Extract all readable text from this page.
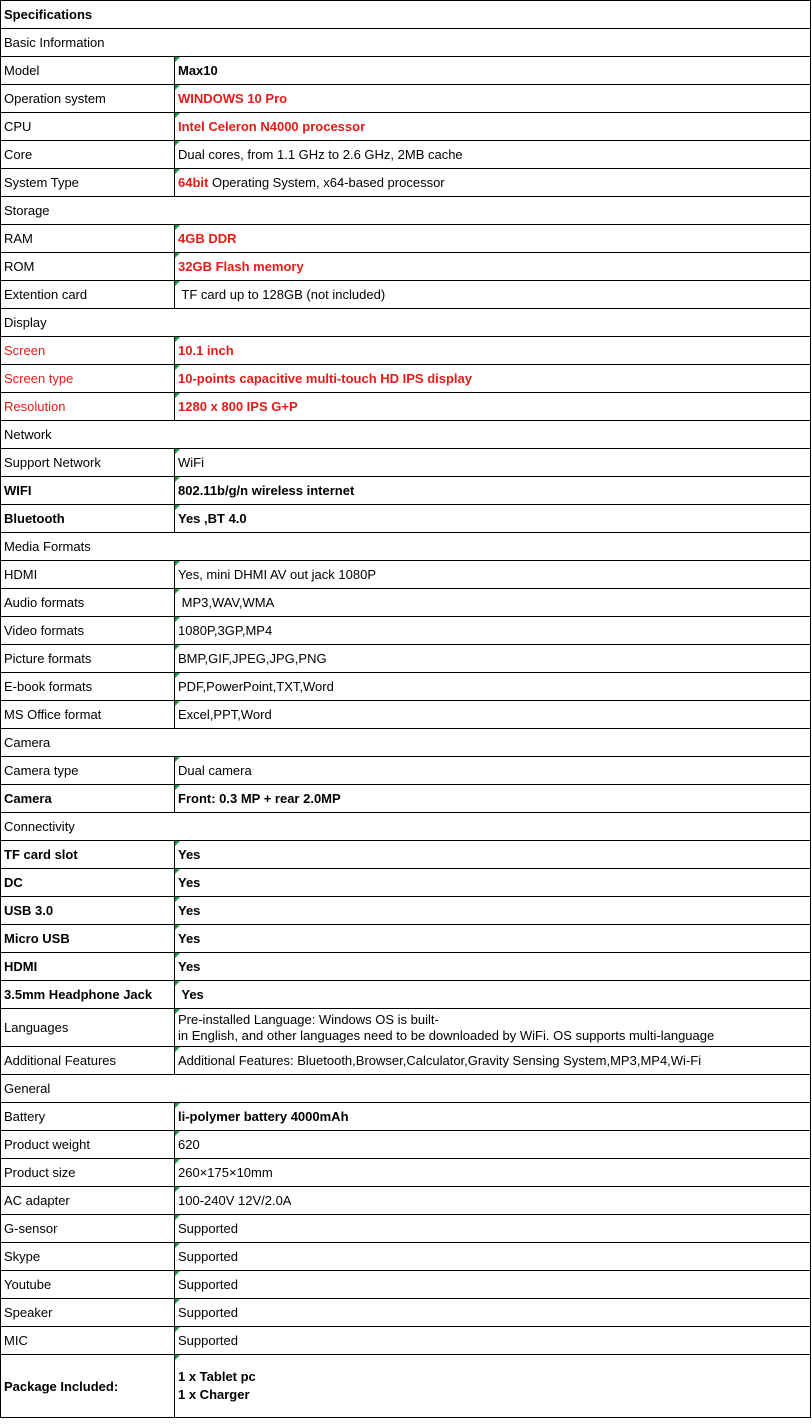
Specifications	
Basic Information	
Model	Max10
Operation system	WINDOWS 10 Pro
CPU	Intel Celeron N4000 processor
Core	Dual cores, from 1.1 GHz to 2.6 GHz, 2MB cache
System Type	64bit Operating System, x64-based processor
Storage	
RAM	4GB DDR
ROM	32GB Flash memory
Extention card	TF card up to 128GB (not included)
Display	
Screen	10.1 inch
Screen type	10-points capacitive multi-touch HD IPS display
Resolution	1280 x 800 IPS G+P
Network	
Support Network	WiFi
WIFI	802.11b/g/n wireless internet
Bluetooth	Yes ,BT 4.0
Media Formats	
HDMI	Yes, mini DHMI AV out jack 1080P
Audio formats	MP3,WAV,WMA
Video formats	1080P,3GP,MP4
Picture formats	BMP,GIF,JPEG,JPG,PNG
E-book formats	PDF,PowerPoint,TXT,Word
MS Office format	Excel,PPT,Word
Camera	
Camera type	Dual camera
Camera	Front: 0.3 MP + rear 2.0MP
Connectivity	
TF card slot	Yes
DC	Yes
USB 3.0	Yes
Micro USB	Yes
HDMI	Yes
3.5mm Headphone Jack	Yes
Languages	Pre-installed Language: Windows OS is built-
in English, and other languages need to be downloaded by WiFi. OS supports multi-language

Additional Features	Additional Features: Bluetooth,Browser,Calculator,Gravity Sensing System,MP3,MP4,Wi-Fi
General	
Battery	li-polymer battery 4000mAh
Product weight	620
Product size	260×175×10mm
AC adapter	100-240V 12V/2.0A
G-sensor	Supported
Skype	Supported
Youtube	Supported
Speaker	Supported
MIC	Supported
Package Included:	1 x Tablet pc
1 x Charger
